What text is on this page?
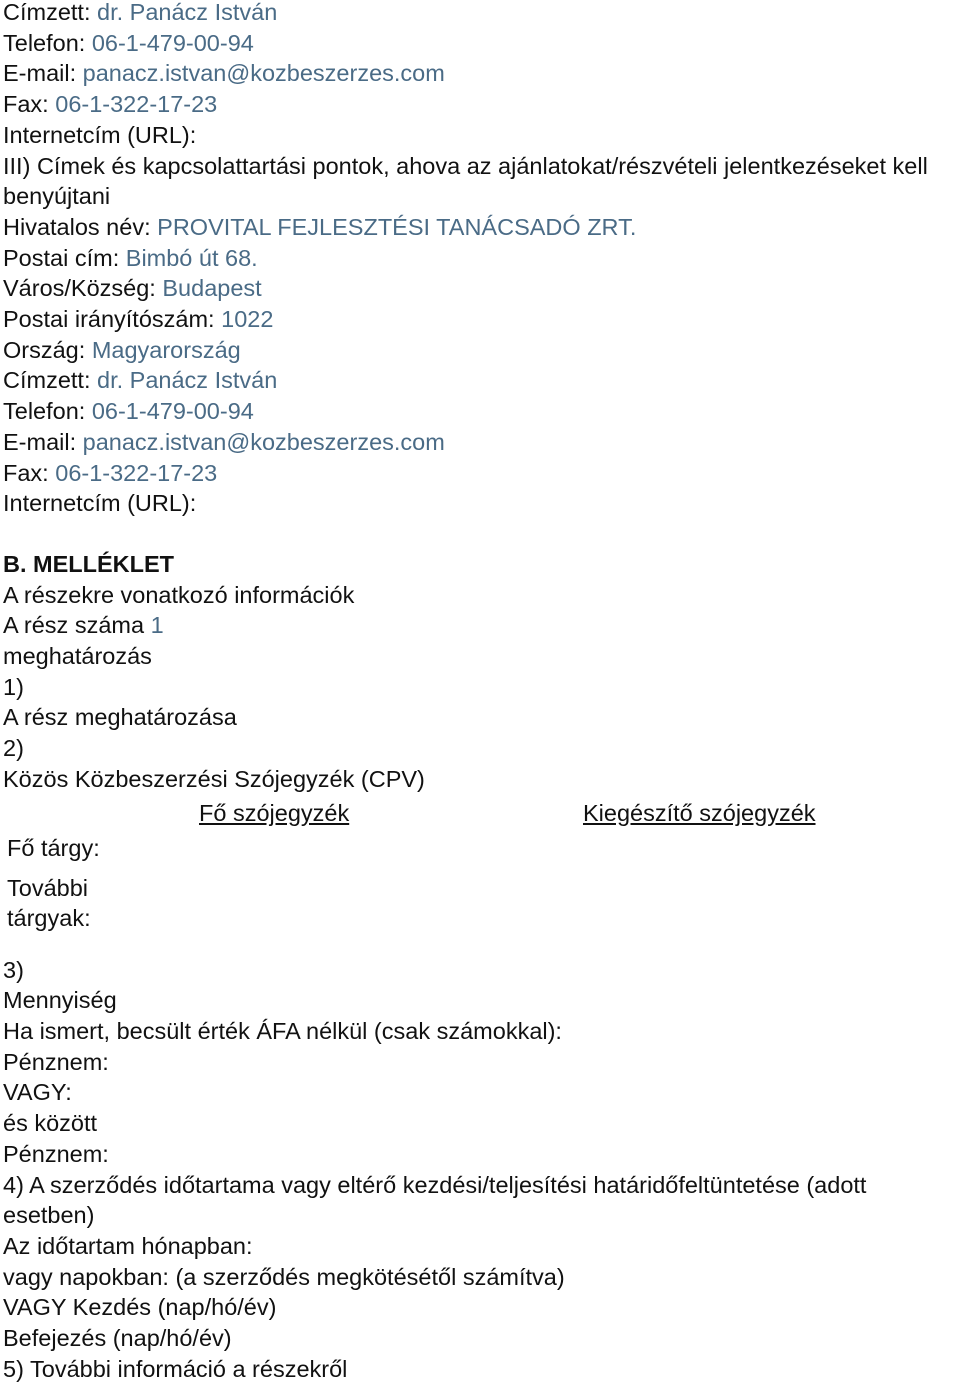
Címzett: dr. Panácz István
Telefon: 06-1-479-00-94
E-mail: panacz.istvan@kozbeszerzes.com
Fax: 06-1-322-17-23
Internetcím (URL):
III) Címek és kapcsolattartási pontok, ahova az ajánlatokat/részvételi jelentkezéseket kell benyújtani
Hivatalos név: PROVITAL FEJLESZTÉSI TANÁCSADÓ ZRT.
Postai cím: Bimbó út 68.
Város/Község: Budapest
Postai irányítószám: 1022
Ország: Magyarország
Címzett: dr. Panácz István
Telefon: 06-1-479-00-94
E-mail: panacz.istvan@kozbeszerzes.com
Fax: 06-1-322-17-23
Internetcím (URL):
B. MELLÉKLET
A részekre vonatkozó információk
A rész száma 1
meghatározás
1)
A rész meghatározása
2)
Közös Közbeszerzési Szójegyzék (CPV)
Fő szójegyzék	Kiegészítő szójegyzék
Fő tárgy:
További
tárgyak:
3)
Mennyiség
Ha ismert, becsült érték ÁFA nélkül (csak számokkal):
Pénznem:
VAGY:
és között
Pénznem:
4) A szerződés időtartama vagy eltérő kezdési/teljesítési határidőfeltüntetése (adott esetben)
Az időtartam hónapban:
vagy napokban: (a szerződés megkötésétől számítva)
VAGY Kezdés (nap/hó/év)
Befejezés (nap/hó/év)
5) További információ a részekről
